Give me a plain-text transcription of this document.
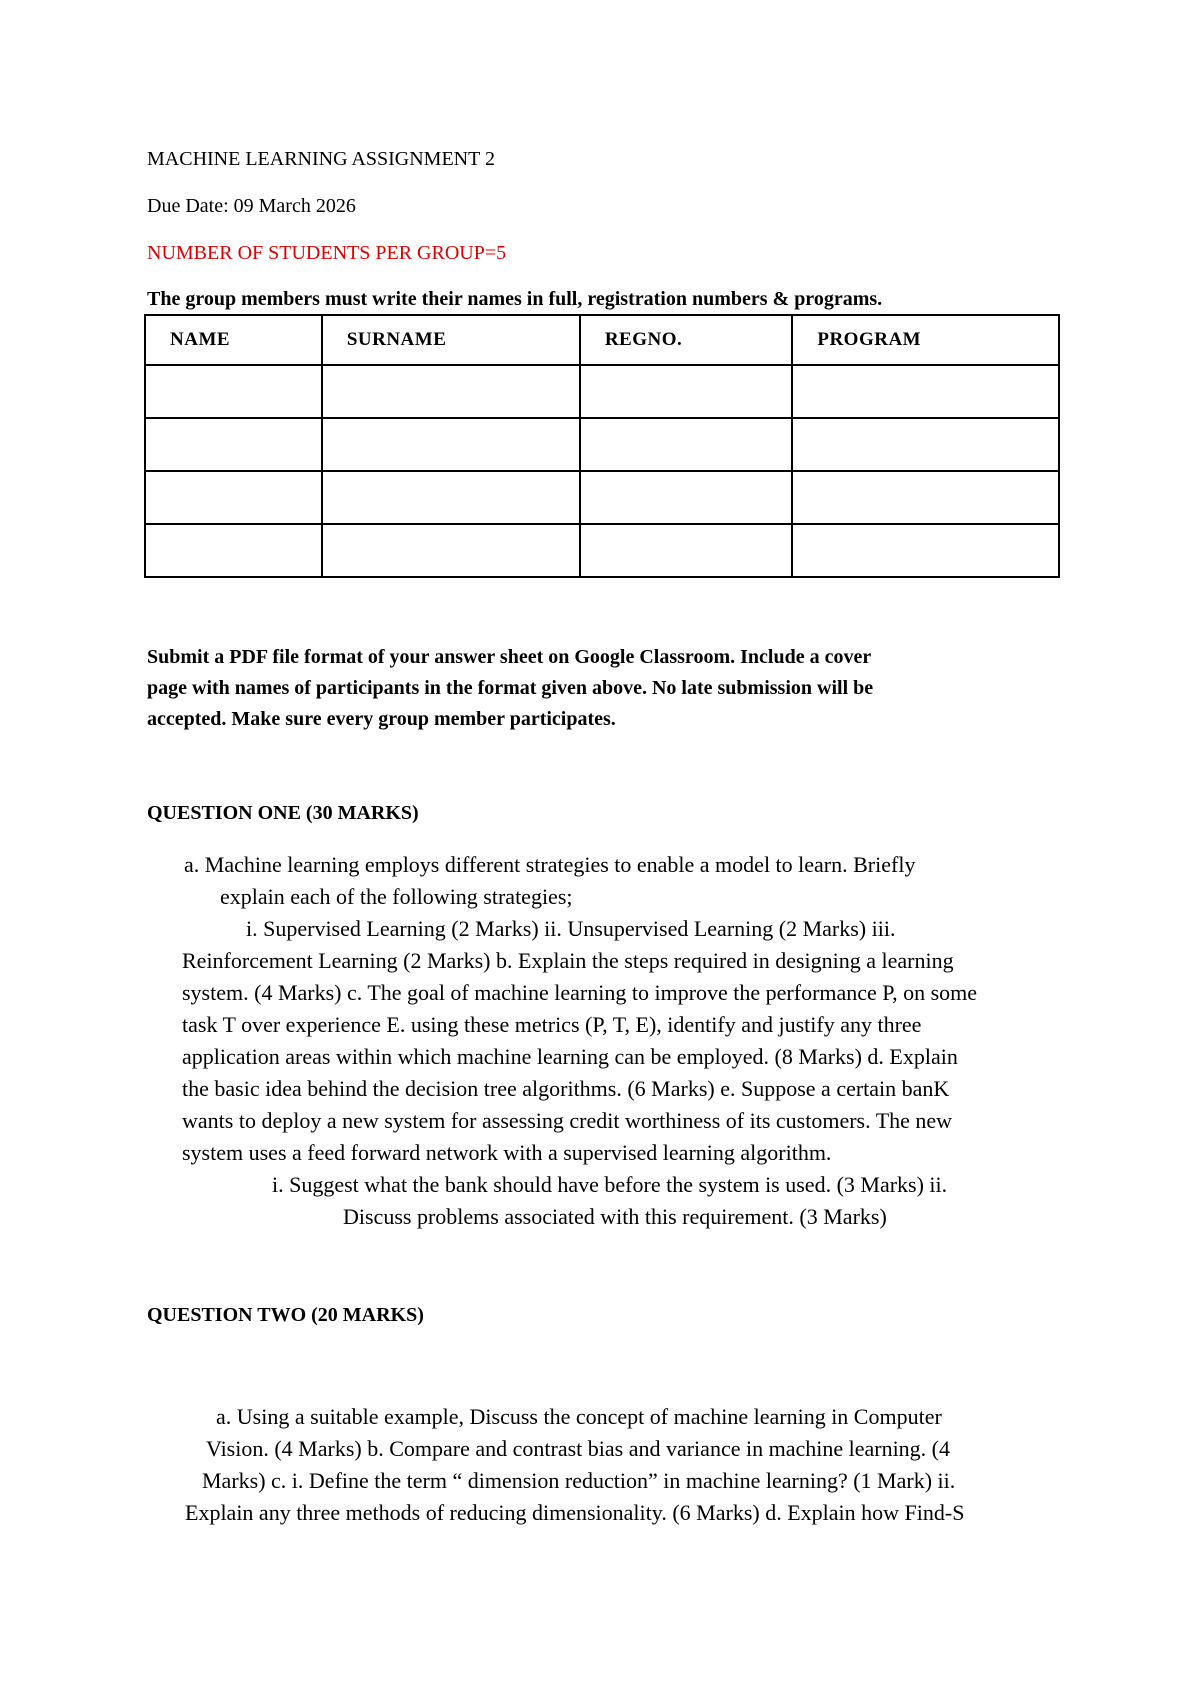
MACHINE LEARNING ASSIGNMENT 2
Due Date: 09 March 2026
NUMBER OF STUDENTS PER GROUP=5
The group members must write their names in full, registration numbers & programs.
NAME	SURNAME	REGNO.	PROGRAM

Submit a PDF file format of your answer sheet on Google Classroom. Include a cover
page with names of participants in the format given above. No late submission will be
accepted. Make sure every group member participates.
QUESTION ONE (30 MARKS)
a. Machine learning employs different strategies to enable a model to learn. Briefly
explain each of the following strategies;
i. Supervised Learning (2 Marks) ii. Unsupervised Learning (2 Marks) iii.
Reinforcement Learning (2 Marks) b. Explain the steps required in designing a learning
system. (4 Marks) c. The goal of machine learning to improve the performance P, on some
task T over experience E. using these metrics (P, T, E), identify and justify any three
application areas within which machine learning can be employed. (8 Marks) d. Explain
the basic idea behind the decision tree algorithms. (6 Marks) e. Suppose a certain banK
wants to deploy a new system for assessing credit worthiness of its customers. The new
system uses a feed forward network with a supervised learning algorithm.
i. Suggest what the bank should have before the system is used. (3 Marks) ii.
Discuss problems associated with this requirement. (3 Marks)
QUESTION TWO (20 MARKS)
a. Using a suitable example, Discuss the concept of machine learning in Computer
Vision. (4 Marks) b. Compare and contrast bias and variance in machine learning. (4
Marks) c. i. Define the term “ dimension reduction” in machine learning? (1 Mark) ii.
Explain any three methods of reducing dimensionality. (6 Marks) d. Explain how Find-S
